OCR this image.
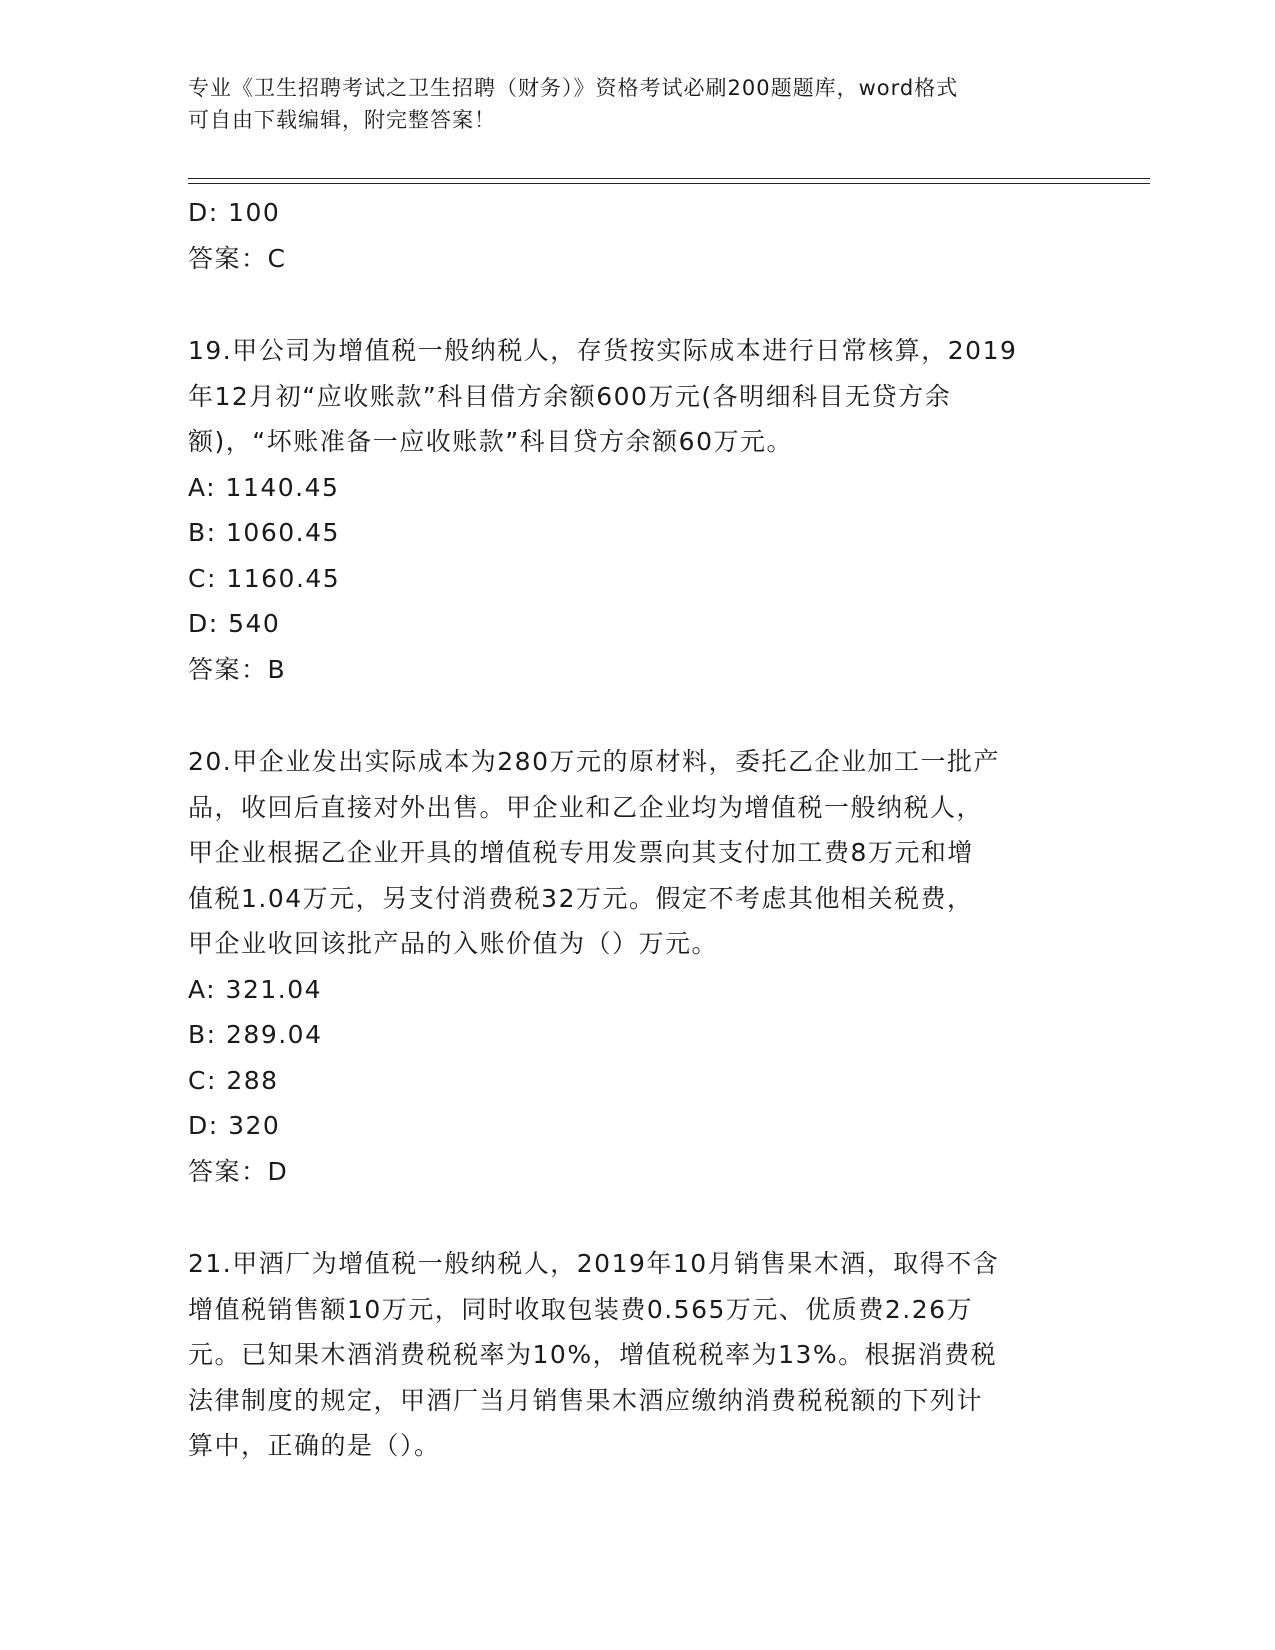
专业《卫生招聘考试之卫生招聘（财务）》资格考试必刷200题题库，word格式
可自由下载编辑，附完整答案！
D: 100
答案：C
19.甲公司为增值税一般纳税人，存货按实际成本进行日常核算，2019
年12月初“应收账款”科目借方余额600万元(各明细科目无贷方余
额)，“坏账准备一应收账款”科目贷方余额60万元。
A: 1140.45
B: 1060.45
C: 1160.45
D: 540
答案：B
20.甲企业发出实际成本为280万元的原材料，委托乙企业加工一批产
品，收回后直接对外出售。甲企业和乙企业均为增值税一般纳税人，
甲企业根据乙企业开具的增值税专用发票向其支付加工费8万元和增
值税1.04万元，另支付消费税32万元。假定不考虑其他相关税费，
甲企业收回该批产品的入账价值为（）万元。
A: 321.04
B: 289.04
C: 288
D: 320
答案：D
21.甲酒厂为增值税一般纳税人，2019年10月销售果木酒，取得不含
增值税销售额10万元，同时收取包装费0.565万元、优质费2.26万
元。已知果木酒消费税税率为10%，增值税税率为13%。根据消费税
法律制度的规定，甲酒厂当月销售果木酒应缴纳消费税税额的下列计
算中，正确的是（）。
